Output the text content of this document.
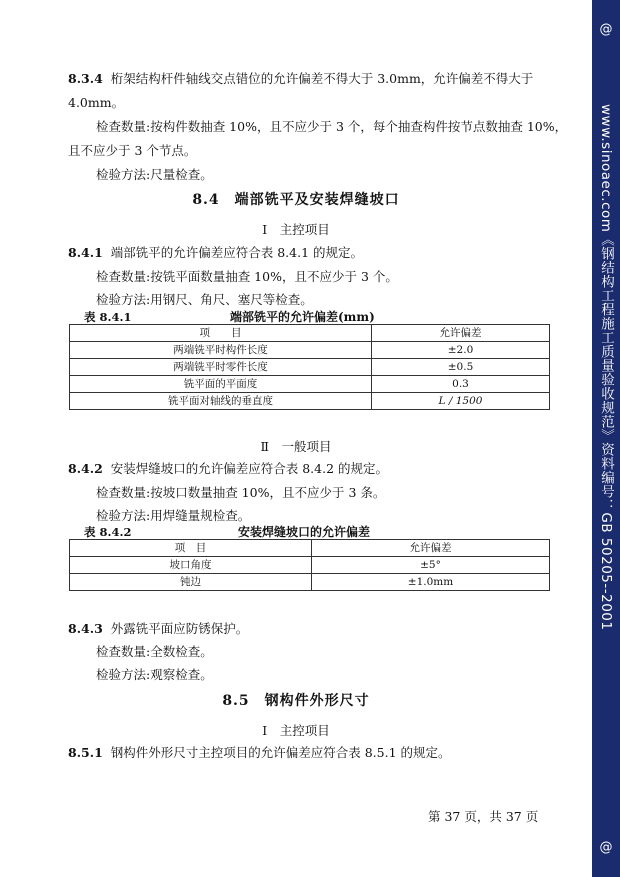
8.3.4 桁架结构杆件轴线交点错位的允许偏差不得大于 3.0mm，允许偏差不得大于
4.0mm。
检查数量:按构件数抽查 10%，且不应少于 3 个，每个抽查构件按节点数抽查 10%，
且不应少于 3 个节点。
检验方法:尺量检查。
8.4　端部铣平及安装焊缝坡口
Ⅰ　主控项目
8.4.1 端部铣平的允许偏差应符合表 8.4.1 的规定。
检查数量:按铣平面数量抽查 10%，且不应少于 3 个。
检验方法:用钢尺、角尺、塞尺等检查。
表 8.4.1	端部铣平的允许偏差(mm)
项　　目	允许偏差
两端铣平时构件长度	±2.0
两端铣平时零件长度	±0.5
铣平面的平面度	0.3
铣平面对轴线的垂直度	L / 1500
Ⅱ　一般项目
8.4.2 安装焊缝坡口的允许偏差应符合表 8.4.2 的规定。
检查数量:按坡口数量抽查 10%，且不应少于 3 条。
检验方法:用焊缝量规检查。
表 8.4.2	安装焊缝坡口的允许偏差
项　目	允许偏差
坡口角度	±5°
钝边	±1.0mm
8.4.3 外露铣平面应防锈保护。
检查数量:全数检查。
检验方法:观察检查。
8.5　钢构件外形尺寸
Ⅰ　主控项目
8.5.1 钢构件外形尺寸主控项目的允许偏差应符合表 8.5.1 的规定。
第 37 页，共 37 页
@
www.sinoaec.com《钢结构工程施工质量验收规范》资料编号：GB 50205--2001
@
